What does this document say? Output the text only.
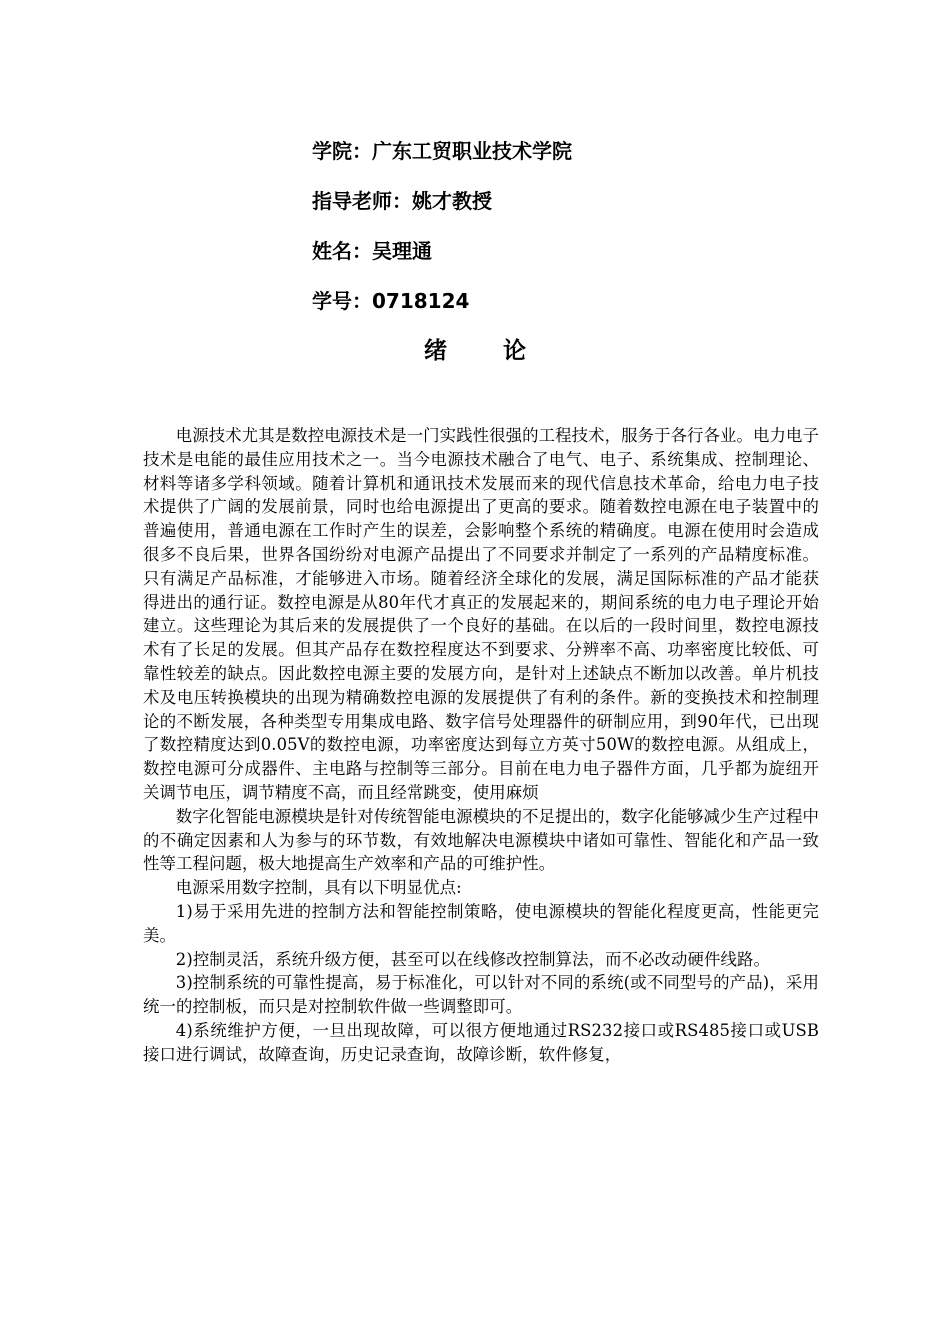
学院：广东工贸职业技术学院
指导老师：姚才教授
姓名：吴理通
学号：0718124
绪论

电源技术尤其是数控电源技术是一门实践性很强的工程技术，服务于各行各业。电力电子技术是电能的最佳应用技术之一。当今电源技术融合了电气、电子、系统集成、控制理论、材料等诸多学科领域。随着计算机和通讯技术发展而来的现代信息技术革命，给电力电子技术提供了广阔的发展前景，同时也给电源提出了更高的要求。随着数控电源在电子装置中的普遍使用，普通电源在工作时产生的误差，会影响整个系统的精确度。电源在使用时会造成很多不良后果，世界各国纷纷对电源产品提出了不同要求并制定了一系列的产品精度标准。只有满足产品标准，才能够进入市场。随着经济全球化的发展，满足国际标准的产品才能获得进出的通行证。数控电源是从80年代才真正的发展起来的，期间系统的电力电子理论开始建立。这些理论为其后来的发展提供了一个良好的基础。在以后的一段时间里，数控电源技术有了长足的发展。但其产品存在数控程度达不到要求、分辨率不高、功率密度比较低、可靠性较差的缺点。因此数控电源主要的发展方向，是针对上述缺点不断加以改善。单片机技术及电压转换模块的出现为精确数控电源的发展提供了有利的条件。新的变换技术和控制理论的不断发展，各种类型专用集成电路、数字信号处理器件的研制应用，到90年代，已出现了数控精度达到0.05V的数控电源，功率密度达到每立方英寸50W的数控电源。从组成上，数控电源可分成器件、主电路与控制等三部分。目前在电力电子器件方面，几乎都为旋纽开关调节电压，调节精度不高，而且经常跳变，使用麻烦

数字化智能电源模块是针对传统智能电源模块的不足提出的，数字化能够减少生产过程中的不确定因素和人为参与的环节数，有效地解决电源模块中诸如可靠性、智能化和产品一致性等工程问题，极大地提高生产效率和产品的可维护性。

电源采用数字控制，具有以下明显优点:

1)易于采用先进的控制方法和智能控制策略，使电源模块的智能化程度更高，性能更完美。

2)控制灵活，系统升级方便，甚至可以在线修改控制算法，而不必改动硬件线路。

3)控制系统的可靠性提高，易于标准化，可以针对不同的系统(或不同型号的产品)，采用统一的控制板，而只是对控制软件做一些调整即可。

4)系统维护方便，一旦出现故障，可以很方便地通过RS232接口或RS485接口或USB接口进行调试，故障查询，历史记录查询，故障诊断，软件修复，
